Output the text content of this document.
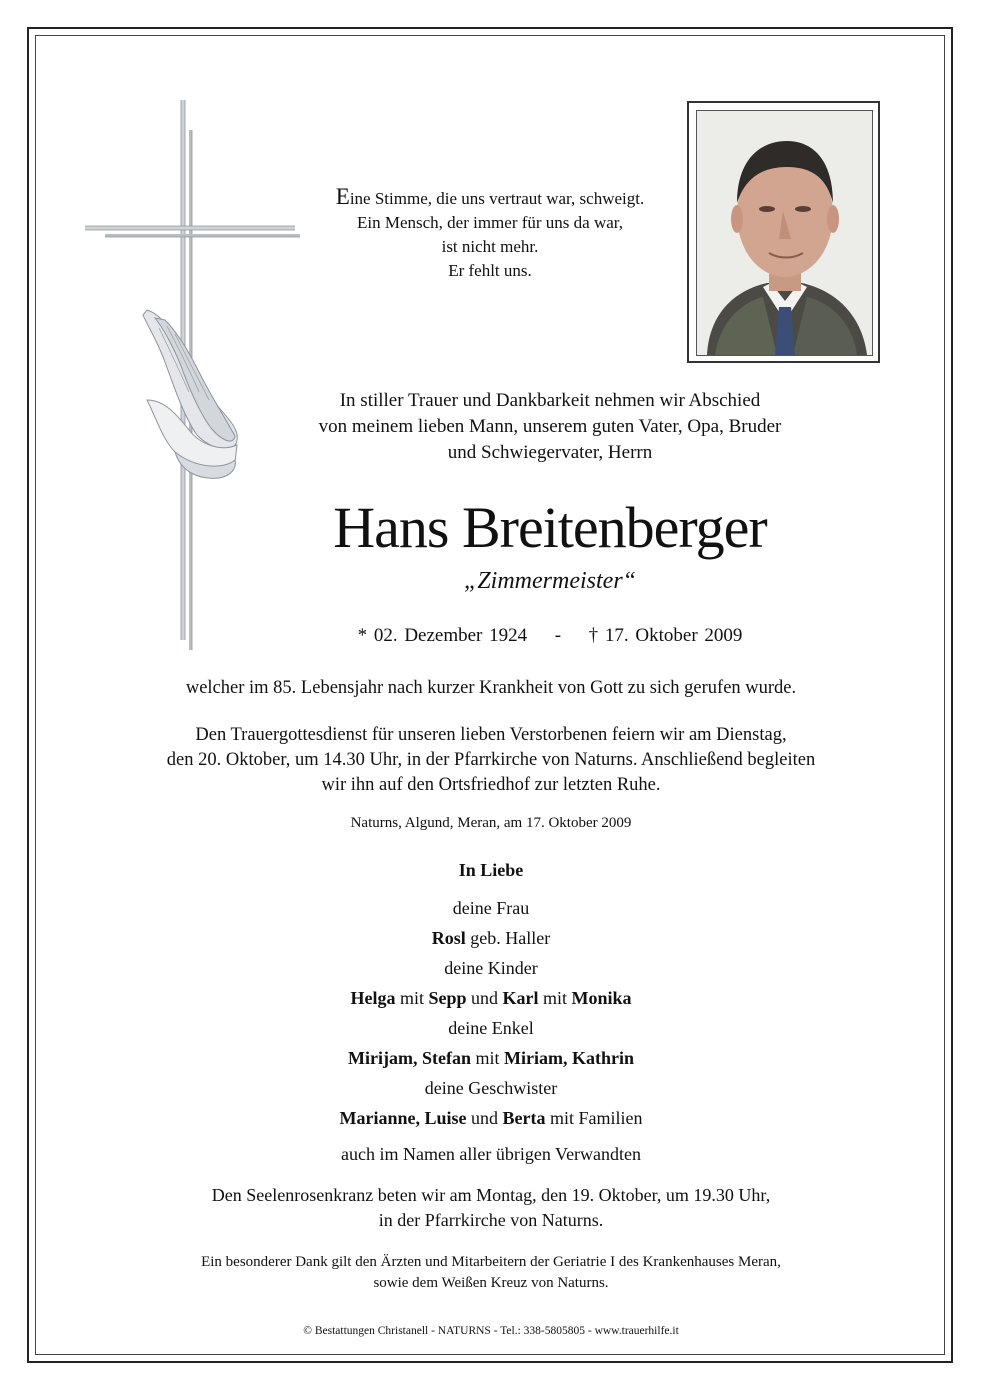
Eine Stimme, die uns vertraut war, schweigt.
Ein Mensch, der immer für uns da war,
ist nicht mehr.
Er fehlt uns.
In stiller Trauer und Dankbarkeit nehmen wir Abschied
von meinem lieben Mann, unserem guten Vater, Opa, Bruder
und Schwiegervater, Herrn
Hans Breitenberger
„Zimmermeister“
* 02. Dezember 1924 - † 17. Oktober 2009
welcher im 85. Lebensjahr nach kurzer Krankheit von Gott zu sich gerufen wurde.
Den Trauergottesdienst für unseren lieben Verstorbenen feiern wir am Dienstag,
den 20. Oktober, um 14.30 Uhr, in der Pfarrkirche von Naturns. Anschließend begleiten
wir ihn auf den Ortsfriedhof zur letzten Ruhe.
Naturns, Algund, Meran, am 17. Oktober 2009
In Liebe
deine Frau
Rosl geb. Haller
deine Kinder
Helga mit Sepp und Karl mit Monika
deine Enkel
Mirijam, Stefan mit Miriam, Kathrin
deine Geschwister
Marianne, Luise und Berta mit Familien
auch im Namen aller übrigen Verwandten
Den Seelenrosenkranz beten wir am Montag, den 19. Oktober, um 19.30 Uhr,
in der Pfarrkirche von Naturns.
Ein besonderer Dank gilt den Ärzten und Mitarbeitern der Geriatrie I des Krankenhauses Meran,
sowie dem Weißen Kreuz von Naturns.
© Bestattungen Christanell - NATURNS - Tel.: 338-5805805 - www.trauerhilfe.it
